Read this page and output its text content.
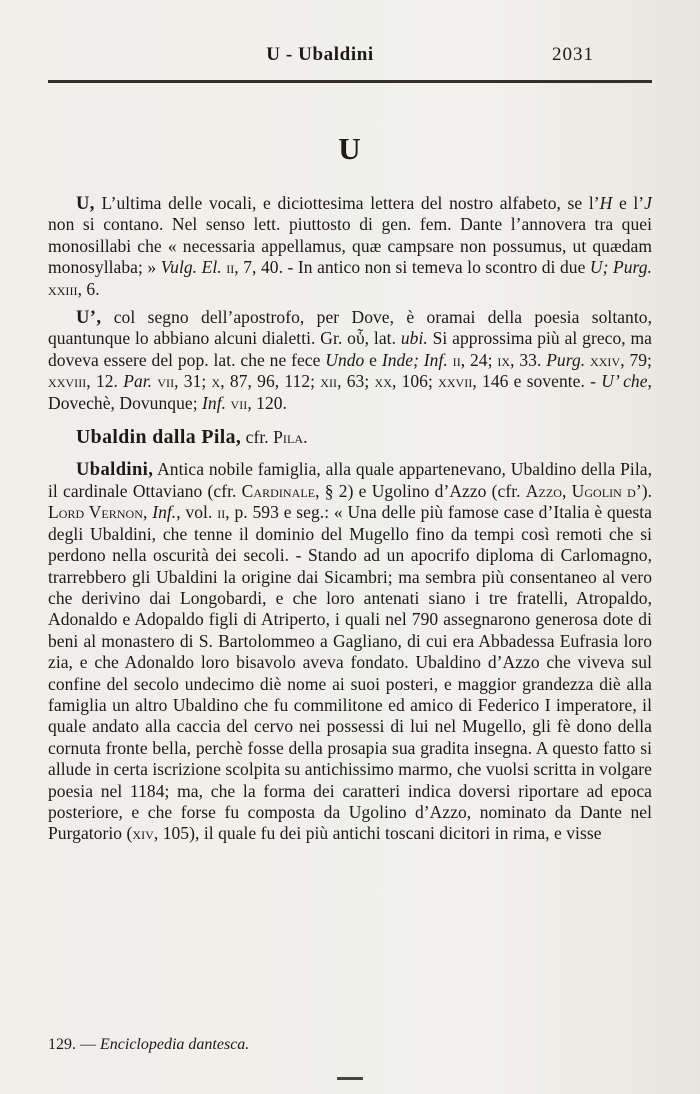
U - Ubaldini	2031
U

U, L’ultima delle vocali, e diciottesima lettera del nostro alfabeto, se l’H e l’J non si contano. Nel senso lett. piuttosto di gen. fem. Dante l’annovera tra quei monosillabi che « necessaria appellamus, quæ campsare non possumus, ut quædam monosyllaba; » Vulg. El. ii, 7, 40. - In antico non si temeva lo scontro di due U; Purg. xxiii, 6.

U’, col segno dell’apostrofo, per Dove, è oramai della poesia soltanto, quantunque lo abbiano alcuni dialetti. Gr. οὗ, lat. ubi. Si approssima più al greco, ma doveva essere del pop. lat. che ne fece Undo e Inde; Inf. ii, 24; ix, 33. Purg. xxiv, 79; xxviii, 12. Par. vii, 31; x, 87, 96, 112; xii, 63; xx, 106; xxvii, 146 e sovente. - U’ che, Dovechè, Dovunque; Inf. vii, 120.

Ubaldin dalla Pila, cfr. Pila.

Ubaldini, Antica nobile famiglia, alla quale appartenevano, Ubaldino della Pila, il cardinale Ottaviano (cfr. Cardinale, § 2) e Ugolino d’Azzo (cfr. Azzo, Ugolin d’). Lord Vernon, Inf., vol. ii, p. 593 e seg.: « Una delle più famose case d’Italia è questa degli Ubaldini, che tenne il dominio del Mugello fino da tempi così remoti che si perdono nella oscurità dei secoli. - Stando ad un apocrifo diploma di Carlomagno, trarrebbero gli Ubaldini la origine dai Sicambri; ma sembra più consentaneo al vero che derivino dai Longobardi, e che loro antenati siano i tre fratelli, Atropaldo, Adonaldo e Adopaldo figli di Atriperto, i quali nel 790 assegnarono generosa dote di beni al monastero di S. Bartolommeo a Gagliano, di cui era Abbadessa Eufrasia loro zia, e che Adonaldo loro bisavolo aveva fondato. Ubaldino d’Azzo che viveva sul confine del secolo undecimo diè nome ai suoi posteri, e maggior grandezza diè alla famiglia un altro Ubaldino che fu commilitone ed amico di Federico I imperatore, il quale andato alla caccia del cervo nei possessi di lui nel Mugello, gli fè dono della cornuta fronte bella, perchè fosse della prosapia sua gradita insegna. A questo fatto si allude in certa iscrizione scolpita su antichissimo marmo, che vuolsi scritta in volgare poesia nel 1184; ma, che la forma dei caratteri indica doversi riportare ad epoca posteriore, e che forse fu composta da Ugolino d’Azzo, nominato da Dante nel Purgatorio (xiv, 105), il quale fu dei più antichi toscani dicitori in rima, e visse

129. — Enciclopedia dantesca.
